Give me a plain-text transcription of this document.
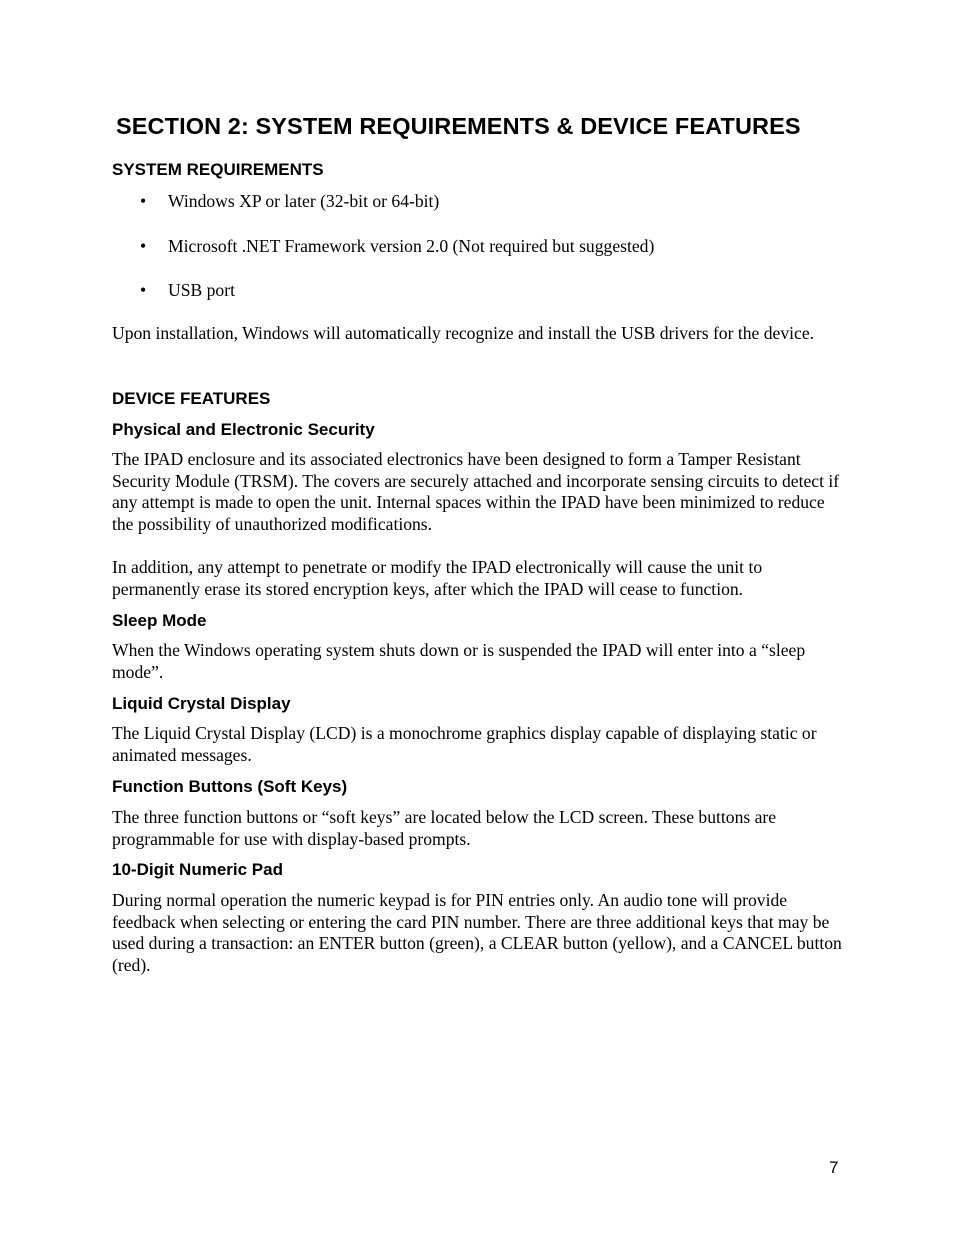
SECTION 2: SYSTEM REQUIREMENTS & DEVICE FEATURES
SYSTEM REQUIREMENTS
• Windows XP or later (32-bit or 64-bit)
• Microsoft .NET Framework version 2.0 (Not required but suggested)
• USB port

Upon installation, Windows will automatically recognize and install the USB drivers for the device.

DEVICE FEATURES
Physical and Electronic Security

The IPAD enclosure and its associated electronics have been designed to form a Tamper Resistant Security Module (TRSM). The covers are securely attached and incorporate sensing circuits to detect if any attempt is made to open the unit. Internal spaces within the IPAD have been minimized to reduce the possibility of unauthorized modifications.

In addition, any attempt to penetrate or modify the IPAD electronically will cause the unit to permanently erase its stored encryption keys, after which the IPAD will cease to function.

Sleep Mode

When the Windows operating system shuts down or is suspended the IPAD will enter into a “sleep mode”.

Liquid Crystal Display

The Liquid Crystal Display (LCD) is a monochrome graphics display capable of displaying static or animated messages.

Function Buttons (Soft Keys)

The three function buttons or “soft keys” are located below the LCD screen. These buttons are programmable for use with display-based prompts.

10-Digit Numeric Pad

During normal operation the numeric keypad is for PIN entries only. An audio tone will provide feedback when selecting or entering the card PIN number. There are three additional keys that may be used during a transaction: an ENTER button (green), a CLEAR button (yellow), and a CANCEL button (red).

7
